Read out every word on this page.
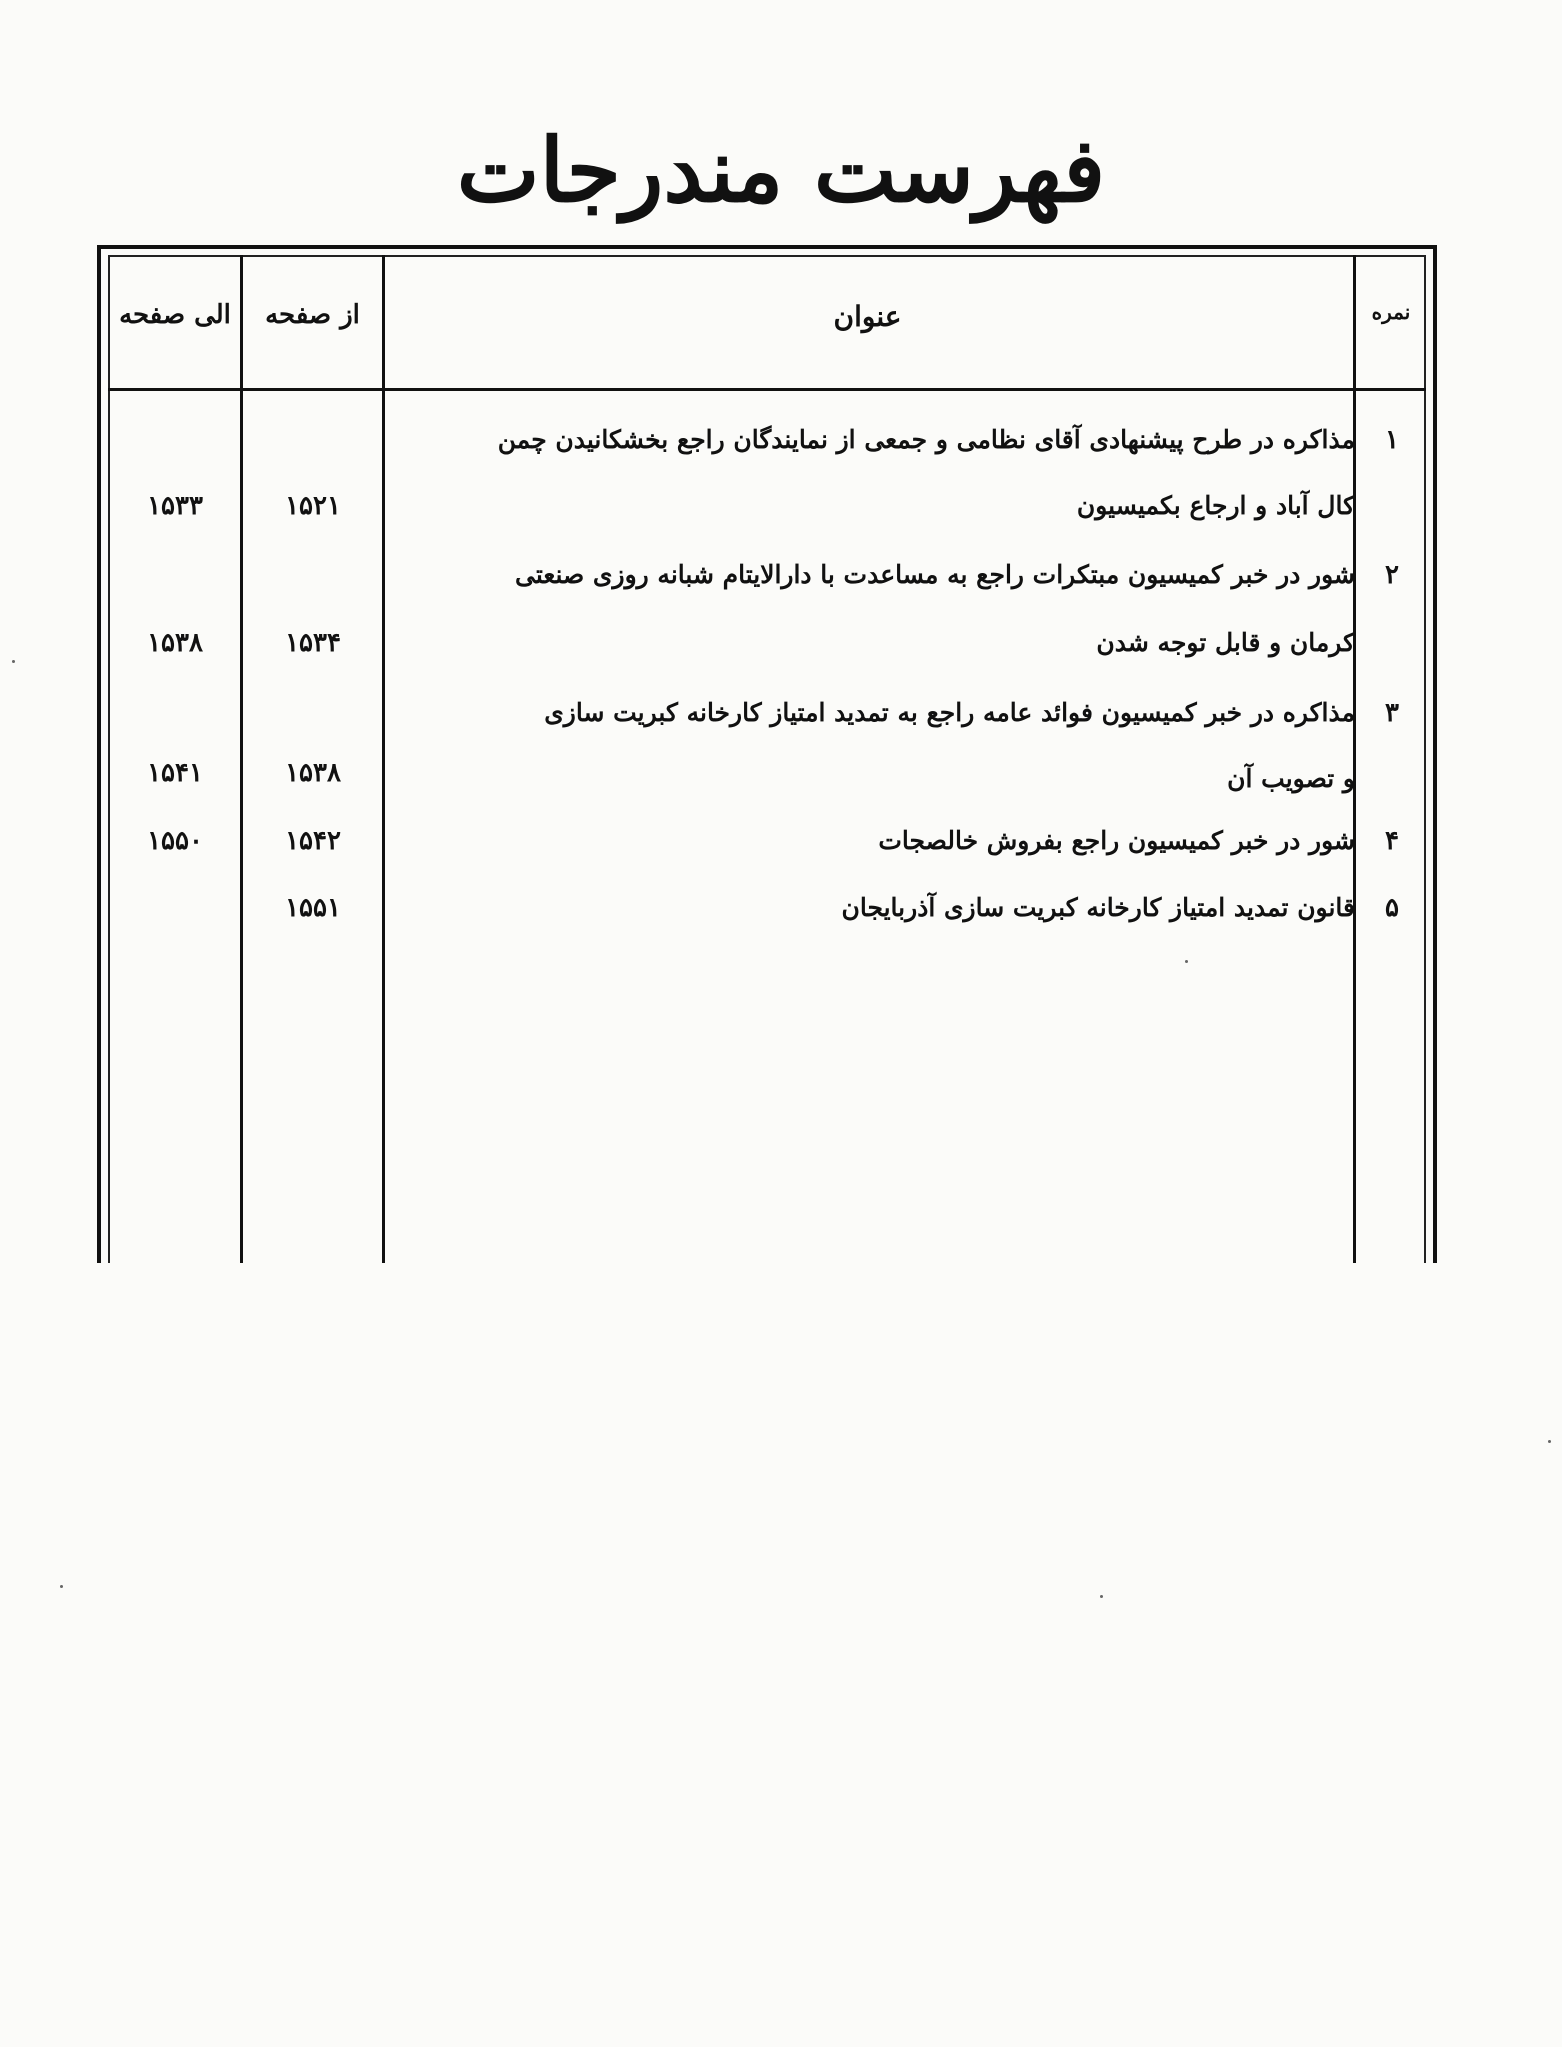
فهرست مندرجات
نمره
عنوان
از صفحه
الی صفحه
۱
مذاکره در طرح پیشنهادی آقای نظامی و جمعی از نمایندگان راجع بخشکانیدن چمن
کال آباد و ارجاع بکمیسیون
۱۵۲۱
۱۵۳۳
۲
شور در خبر کمیسیون مبتکرات راجع به مساعدت با دارالایتام شبانه روزی صنعتی
کرمان و قابل توجه شدن
۱۵۳۴
۱۵۳۸
۳
مذاکره در خبر کمیسیون فوائد عامه راجع به تمدید امتیاز کارخانه کبریت سازی
و تصویب آن
۱۵۳۸
۱۵۴۱
۴
شور در خبر کمیسیون راجع بفروش خالصجات
۱۵۴۲
۱۵۵۰
۵
قانون تمدید امتیاز کارخانه کبریت سازی آذربایجان
۱۵۵۱
